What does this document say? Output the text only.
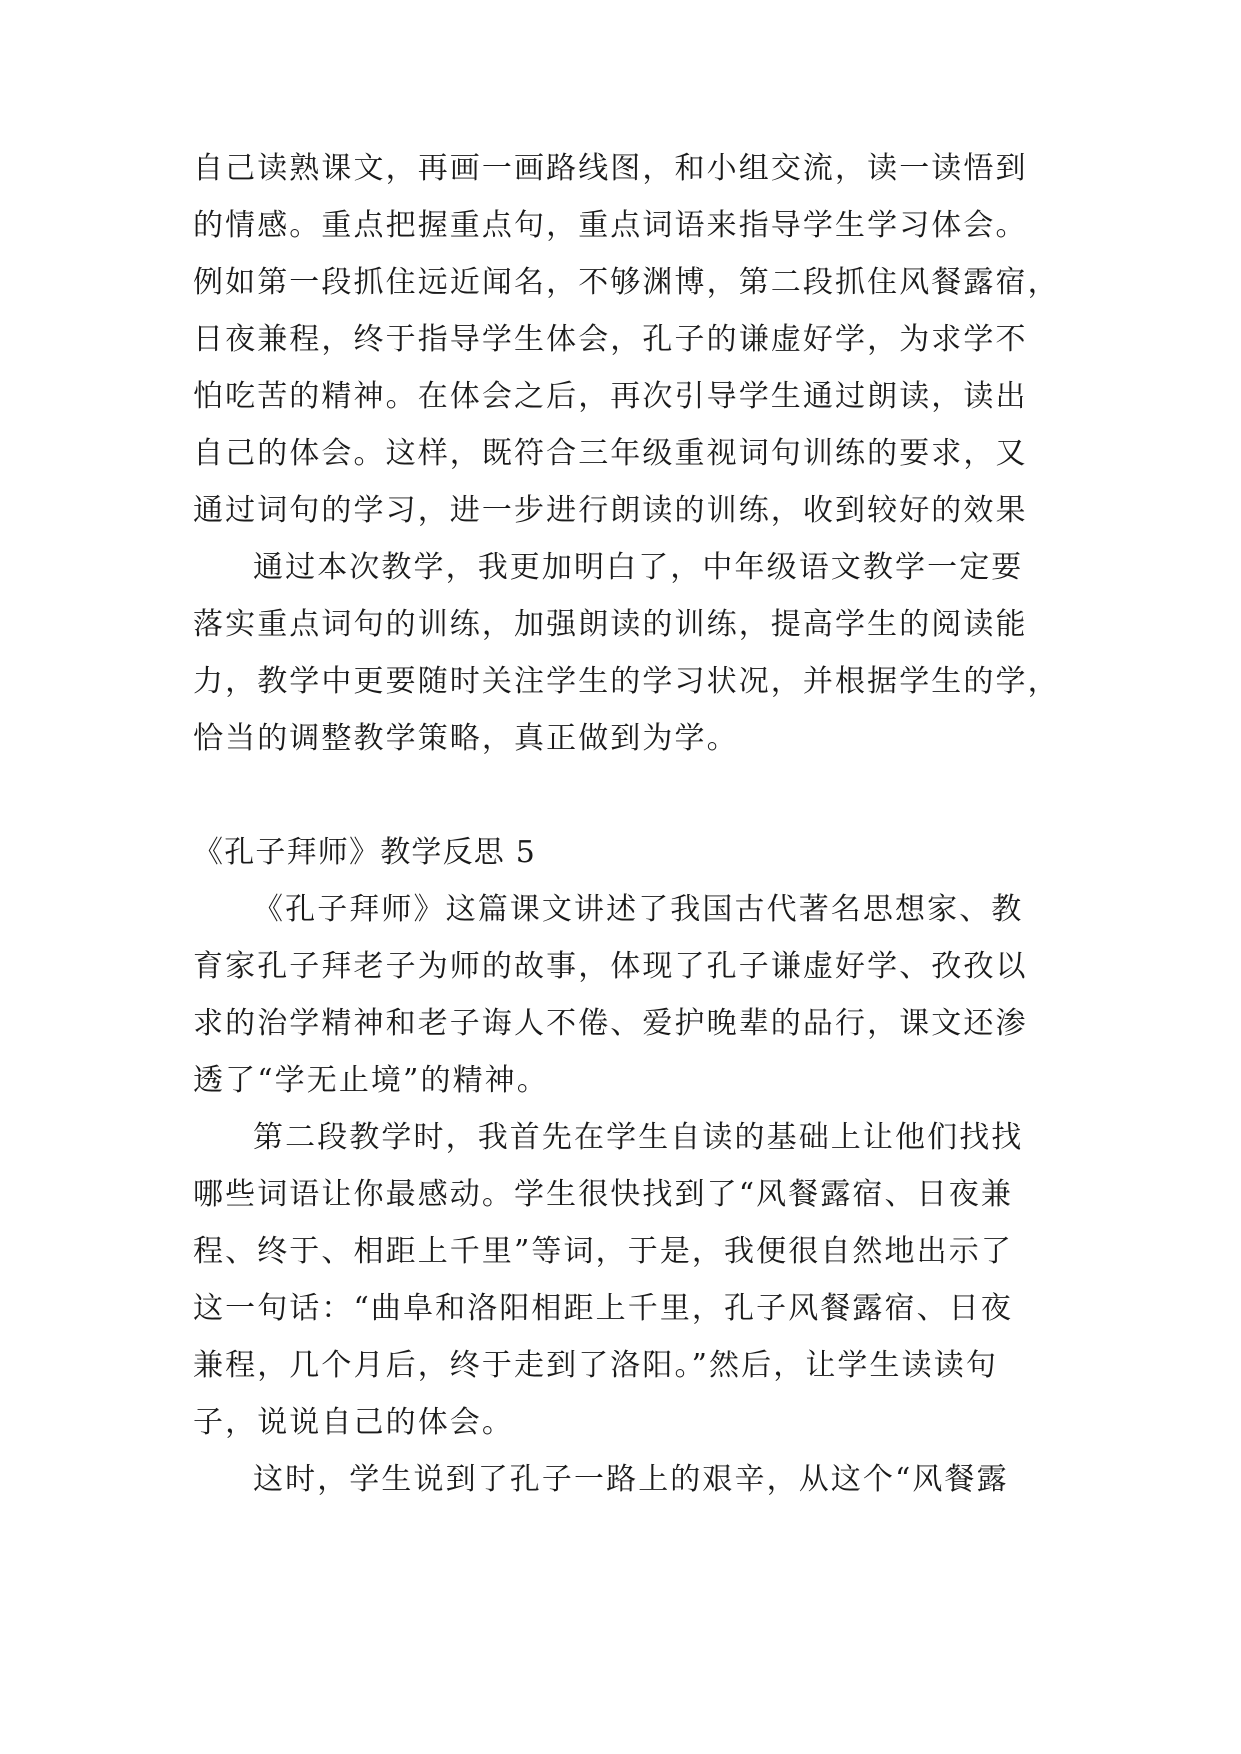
自己读熟课文，再画一画路线图，和小组交流，读一读悟到
的情感。重点把握重点句，重点词语来指导学生学习体会。
例如第一段抓住远近闻名，不够渊博，第二段抓住风餐露宿，
日夜兼程，终于指导学生体会，孔子的谦虚好学，为求学不
怕吃苦的精神。在体会之后，再次引导学生通过朗读，读出
自己的体会。这样，既符合三年级重视词句训练的要求，又
通过词句的学习，进一步进行朗读的训练，收到较好的效果
通过本次教学，我更加明白了，中年级语文教学一定要
落实重点词句的训练，加强朗读的训练，提高学生的阅读能
力，教学中更要随时关注学生的学习状况，并根据学生的学，
恰当的调整教学策略，真正做到为学。
《孔子拜师》教学反思 5
《孔子拜师》这篇课文讲述了我国古代著名思想家、教
育家孔子拜老子为师的故事，体现了孔子谦虚好学、孜孜以
求的治学精神和老子诲人不倦、爱护晚辈的品行，课文还渗
透了“学无止境”的精神。
第二段教学时，我首先在学生自读的基础上让他们找找
哪些词语让你最感动。学生很快找到了“风餐露宿、日夜兼
程、终于、相距上千里”等词，于是，我便很自然地出示了
这一句话：“曲阜和洛阳相距上千里，孔子风餐露宿、日夜
兼程，几个月后，终于走到了洛阳。”然后，让学生读读句
子，说说自己的体会。
这时，学生说到了孔子一路上的艰辛，从这个“风餐露
